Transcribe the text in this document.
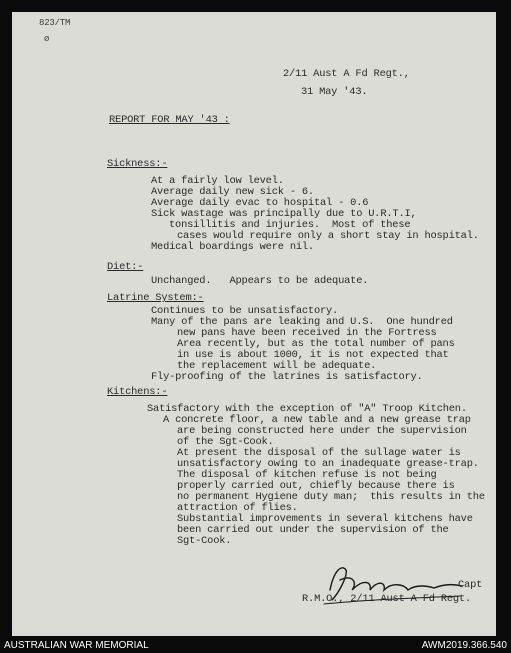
823/TM
ø
2/11 Aust A Fd Regt.,
31 May '43.
REPORT FOR MAY '43 :
Sickness:-
At a fairly low level.
Average daily new sick - 6.
Average daily evac to hospital - 0.6
Sick wastage was principally due to U.R.T.I,
tonsillitis and injuries.  Most of these
cases would require only a short stay in hospital.
Medical boardings were nil.
Diet:-
Unchanged.   Appears to be adequate.
Latrine System:-
Continues to be unsatisfactory.
Many of the pans are leaking and U.S.  One hundred
new pans have been received in the Fortress
Area recently, but as the total number of pans
in use is about 1000, it is not expected that
the replacement will be adequate.
Fly-proofing of the latrines is satisfactory.
Kitchens:-
Satisfactory with the exception of "A" Troop Kitchen.
A concrete floor, a new table and a new grease trap
are being constructed here under the supervision
of the Sgt-Cook.
At present the disposal of the sullage water is
unsatisfactory owing to an inadequate grease-trap.
The disposal of kitchen refuse is not being
properly carried out, chiefly because there is
no permanent Hygiene duty man;  this results in the
attraction of flies.
Substantial improvements in several kitchens have
been carried out under the supervision of the
Sgt-Cook.
Capt
R.M.O., 2/11 Aust A Fd Regt.
AUSTRALIAN WAR MEMORIAL	AWM2019.366.540
